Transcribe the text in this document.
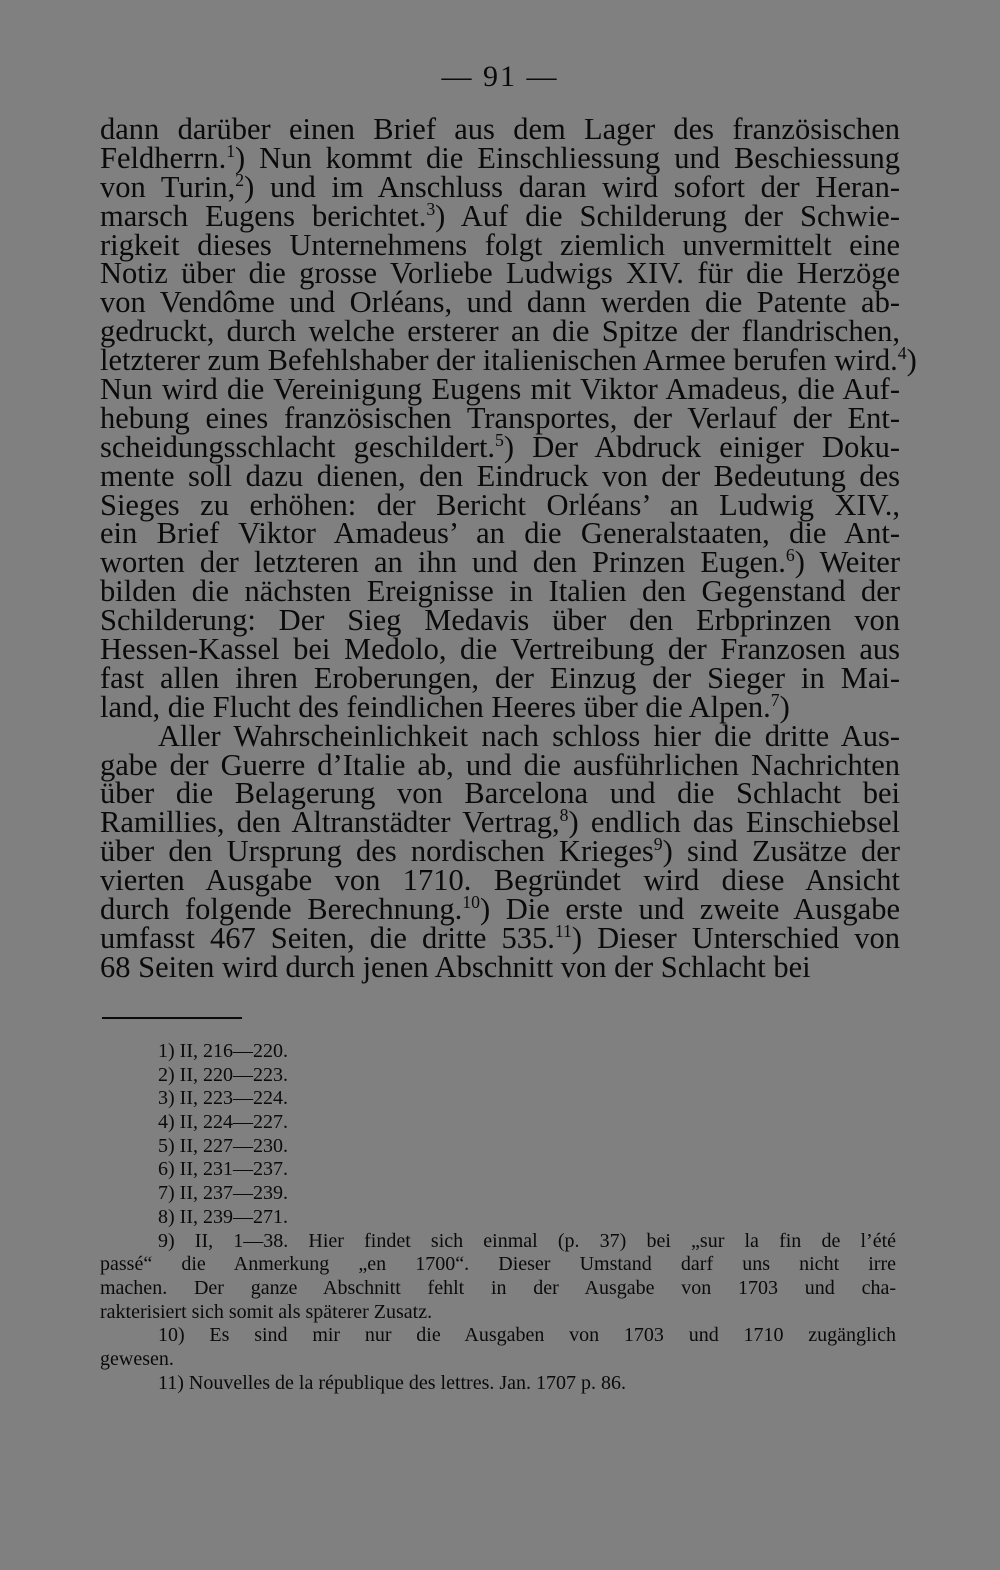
— 91 —
dann darüber einen Brief aus dem Lager des französischen
Feldherrn.$^1$) Nun kommt die Einschliessung und Beschiessung
von Turin,$^2$) und im Anschluss daran wird sofort der Heran-
marsch Eugens berichtet.$^3$) Auf die Schilderung der Schwie-
rigkeit dieses Unternehmens folgt ziemlich unvermittelt eine
Notiz über die grosse Vorliebe Ludwigs XIV. für die Herzöge
von Vendôme und Orléans, und dann werden die Patente ab-
gedruckt, durch welche ersterer an die Spitze der flandrischen,
letzterer zum Befehlshaber der italienischen Armee berufen wird.$^4$)
Nun wird die Vereinigung Eugens mit Viktor Amadeus, die Auf-
hebung eines französischen Transportes, der Verlauf der Ent-
scheidungsschlacht geschildert.$^5$) Der Abdruck einiger Doku-
mente soll dazu dienen, den Eindruck von der Bedeutung des
Sieges zu erhöhen: der Bericht Orléans’ an Ludwig XIV.,
ein Brief Viktor Amadeus’ an die Generalstaaten, die Ant-
worten der letzteren an ihn und den Prinzen Eugen.$^6$) Weiter
bilden die nächsten Ereignisse in Italien den Gegenstand der
Schilderung: Der Sieg Medavis über den Erbprinzen von
Hessen-Kassel bei Medolo, die Vertreibung der Franzosen aus
fast allen ihren Eroberungen, der Einzug der Sieger in Mai-
land, die Flucht des feindlichen Heeres über die Alpen.$^7$)
Aller Wahrscheinlichkeit nach schloss hier die dritte Aus-
gabe der Guerre d’Italie ab, und die ausführlichen Nachrichten
über die Belagerung von Barcelona und die Schlacht bei
Ramillies, den Altranstädter Vertrag,$^8$) endlich das Einschiebsel
über den Ursprung des nordischen Krieges$^9$) sind Zusätze der
vierten Ausgabe von 1710. Begründet wird diese Ansicht
durch folgende Berechnung.$^{10}$) Die erste und zweite Ausgabe
umfasst 467 Seiten, die dritte 535.11) Dieser Unterschied von
68 Seiten wird durch jenen Abschnitt von der Schlacht bei
1) II, 216—220.
2) II, 220—223.
3) II, 223—224.
4) II, 224—227.
5) II, 227—230.
6) II, 231—237.
7) II, 237—239.
8) II, 239—271.
9) II, 1—38. Hier findet sich einmal (p. 37) bei „sur la fin de l’été
passé“ die Anmerkung „en 1700“. Dieser Umstand darf uns nicht irre
machen. Der ganze Abschnitt fehlt in der Ausgabe von 1703 und cha-
rakterisiert sich somit als späterer Zusatz.
10) Es sind mir nur die Ausgaben von 1703 und 1710 zugänglich
gewesen.
11) Nouvelles de la république des lettres. Jan. 1707 p. 86.
